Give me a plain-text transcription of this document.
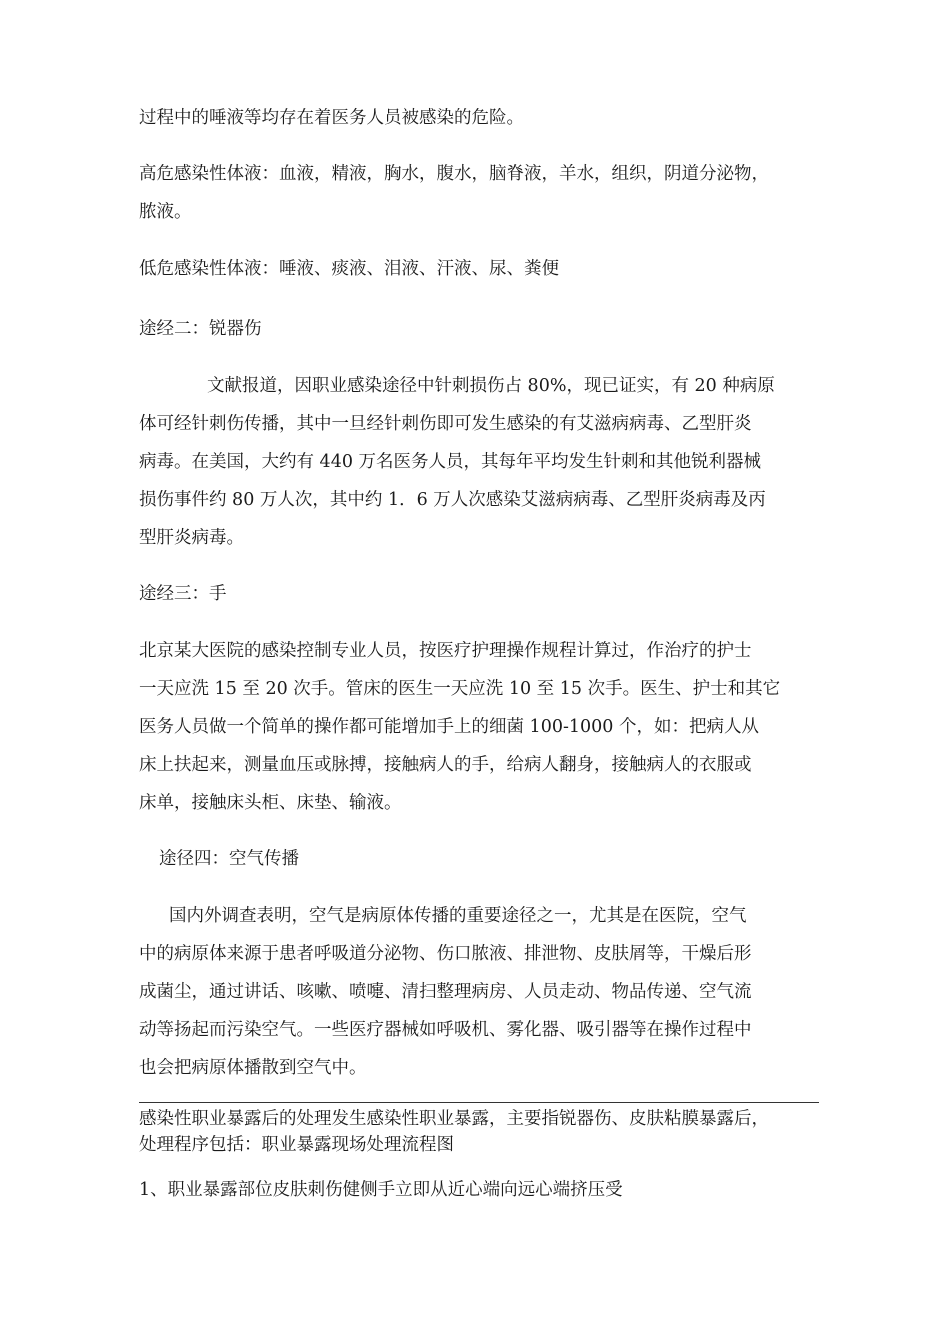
过程中的唾液等均存在着医务人员被感染的危险。

高危感染性体液：血液，精液，胸水，腹水，脑脊液，羊水，组织，阴道分泌物，
脓液。

低危感染性体液：唾液、痰液、泪液、汗液、尿、粪便

途经二：锐器伤

文献报道，因职业感染途径中针刺损伤占 80%，现已证实，有 20 种病原
体可经针刺伤传播，其中一旦经针刺伤即可发生感染的有艾滋病病毒、乙型肝炎
病毒。在美国，大约有 440 万名医务人员，其每年平均发生针刺和其他锐利器械
损伤事件约 80 万人次，其中约 1．6 万人次感染艾滋病病毒、乙型肝炎病毒及丙
型肝炎病毒。

途经三：手

北京某大医院的感染控制专业人员，按医疗护理操作规程计算过，作治疗的护士
一天应洗 15 至 20 次手。管床的医生一天应洗 10 至 15 次手。医生、护士和其它
医务人员做一个简单的操作都可能增加手上的细菌 100-1000 个，如：把病人从
床上扶起来，测量血压或脉搏，接触病人的手，给病人翻身，接触病人的衣服或
床单，接触床头柜、床垫、输液。

途径四：空气传播

国内外调查表明，空气是病原体传播的重要途径之一，尤其是在医院，空气
中的病原体来源于患者呼吸道分泌物、伤口脓液、排泄物、皮肤屑等，干燥后形
成菌尘，通过讲话、咳嗽、喷嚏、清扫整理病房、人员走动、物品传递、空气流
动等扬起而污染空气。一些医疗器械如呼吸机、雾化器、吸引器等在操作过程中
也会把病原体播散到空气中。

感染性职业暴露后的处理发生感染性职业暴露，主要指锐器伤、皮肤粘膜暴露后，
处理程序包括：职业暴露现场处理流程图

1、职业暴露部位皮肤刺伤健侧手立即从近心端向远心端挤压受
